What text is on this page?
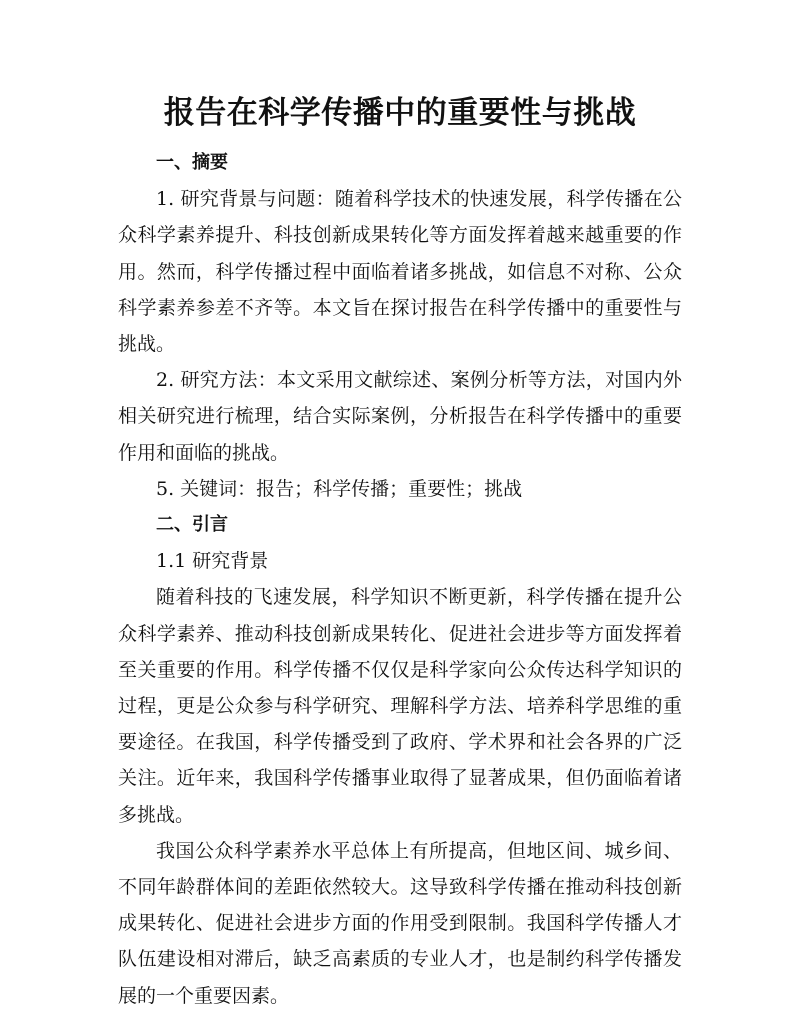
报告在科学传播中的重要性与挑战

一、摘要

1. 研究背景与问题：随着科学技术的快速发展，科学传播在公众科学素养提升、科技创新成果转化等方面发挥着越来越重要的作用。然而，科学传播过程中面临着诸多挑战，如信息不对称、公众科学素养参差不齐等。本文旨在探讨报告在科学传播中的重要性与挑战。

2. 研究方法：本文采用文献综述、案例分析等方法，对国内外相关研究进行梳理，结合实际案例，分析报告在科学传播中的重要作用和面临的挑战。

5. 关键词：报告；科学传播；重要性；挑战

二、引言

1.1 研究背景

随着科技的飞速发展，科学知识不断更新，科学传播在提升公众科学素养、推动科技创新成果转化、促进社会进步等方面发挥着至关重要的作用。科学传播不仅仅是科学家向公众传达科学知识的过程，更是公众参与科学研究、理解科学方法、培养科学思维的重要途径。在我国，科学传播受到了政府、学术界和社会各界的广泛关注。近年来，我国科学传播事业取得了显著成果，但仍面临着诸多挑战。

我国公众科学素养水平总体上有所提高，但地区间、城乡间、不同年龄群体间的差距依然较大。这导致科学传播在推动科技创新成果转化、促进社会进步方面的作用受到限制。我国科学传播人才队伍建设相对滞后，缺乏高素质的专业人才，也是制约科学传播发展的一个重要因素。
